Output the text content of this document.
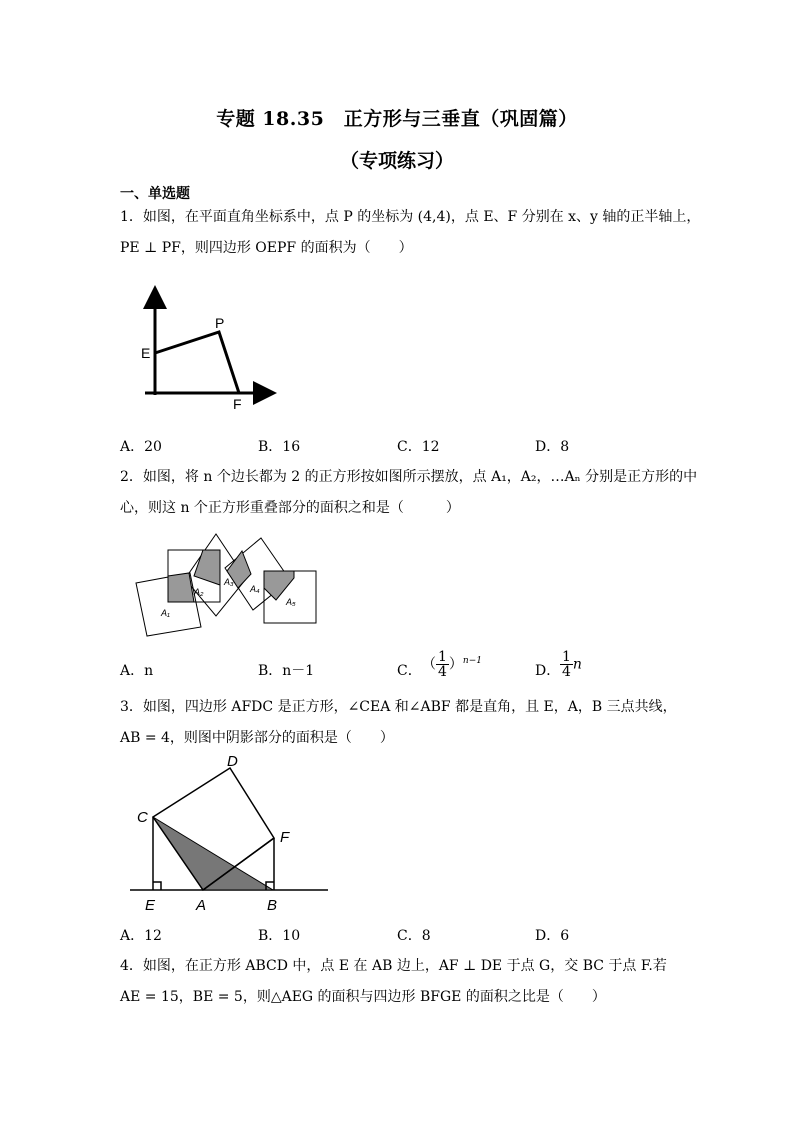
专题 18.35　正方形与三垂直（巩固篇）
（专项练习）
一、单选题
1．如图，在平面直角坐标系中，点 P 的坐标为 (4,4)，点 E、F 分别在 x、y 轴的正半轴上，
PE ⊥ PF，则四边形 OEPF 的面积为（　　）
P
E
F
A．20	B．16	C．12	D．8
2．如图，将 n 个边长都为 2 的正方形按如图所示摆放，点 A₁，A₂，…Aₙ 分别是正方形的中
心，则这 n 个正方形重叠部分的面积之和是（　　　）
A₁
A₂
A₃
A₄
A₅
A．n	B．n－1	C． （ $\frac{1}{4} )^{n-1}$
D． $\frac{1}{4}$ n
3．如图，四边形 AFDC 是正方形，∠CEA 和∠ABF 都是直角，且 E，A，B 三点共线，
AB = 4，则图中阴影部分的面积是（　　）
C
D
F
E	A	B
A．12	B．10	C．8	D．6
4．如图，在正方形 ABCD 中，点 E 在 AB 边上，AF ⊥ DE 于点 G，交 BC 于点 F.若
AE = 15，BE = 5，则△AEG 的面积与四边形 BFGE 的面积之比是（　　）
